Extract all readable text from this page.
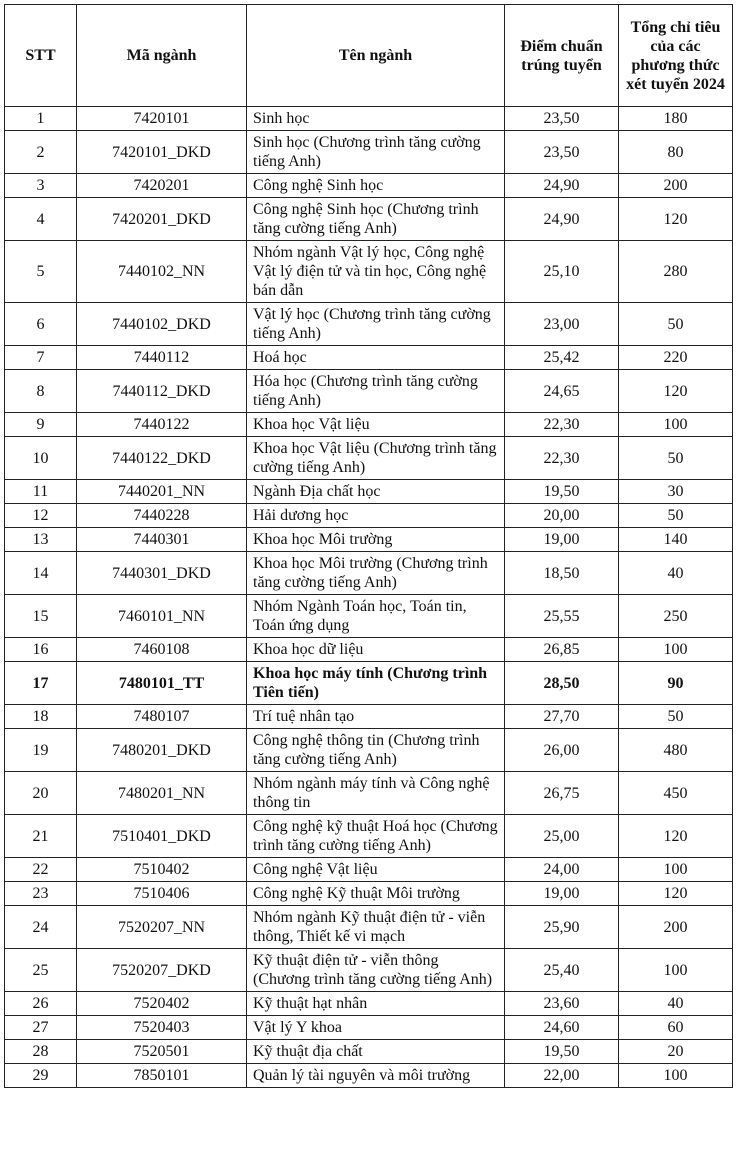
STT	Mã ngành	Tên ngành	Điểm chuẩn trúng tuyển	Tổng chỉ tiêu của các phương thức xét tuyển 2024
1	7420101	Sinh học	23,50	180
2	7420101_DKD	Sinh học (Chương trình tăng cường tiếng Anh)	23,50	80
3	7420201	Công nghệ Sinh học	24,90	200
4	7420201_DKD	Công nghệ Sinh học (Chương trình tăng cường tiếng Anh)	24,90	120
5	7440102_NN	Nhóm ngành Vật lý học, Công nghệ Vật lý điện tử và tin học, Công nghệ bán dẫn	25,10	280
6	7440102_DKD	Vật lý học (Chương trình tăng cường tiếng Anh)	23,00	50
7	7440112	Hoá học	25,42	220
8	7440112_DKD	Hóa học (Chương trình tăng cường tiếng Anh)	24,65	120
9	7440122	Khoa học Vật liệu	22,30	100
10	7440122_DKD	Khoa học Vật liệu (Chương trình tăng cường tiếng Anh)	22,30	50
11	7440201_NN	Ngành Địa chất học	19,50	30
12	7440228	Hải dương học	20,00	50
13	7440301	Khoa học Môi trường	19,00	140
14	7440301_DKD	Khoa học Môi trường (Chương trình tăng cường tiếng Anh)	18,50	40
15	7460101_NN	Nhóm Ngành Toán học, Toán tin, Toán ứng dụng	25,55	250
16	7460108	Khoa học dữ liệu	26,85	100
17	7480101_TT	Khoa học máy tính (Chương trình Tiên tiến)	28,50	90
18	7480107	Trí tuệ nhân tạo	27,70	50
19	7480201_DKD	Công nghệ thông tin (Chương trình tăng cường tiếng Anh)	26,00	480
20	7480201_NN	Nhóm ngành máy tính và Công nghệ thông tin	26,75	450
21	7510401_DKD	Công nghệ kỹ thuật Hoá học (Chương trình tăng cường tiếng Anh)	25,00	120
22	7510402	Công nghệ Vật liệu	24,00	100
23	7510406	Công nghệ Kỹ thuật Môi trường	19,00	120
24	7520207_NN	Nhóm ngành Kỹ thuật điện tử - viễn thông, Thiết kế vi mạch	25,90	200
25	7520207_DKD	Kỹ thuật điện tử - viễn thông (Chương trình tăng cường tiếng Anh)	25,40	100
26	7520402	Kỹ thuật hạt nhân	23,60	40
27	7520403	Vật lý Y khoa	24,60	60
28	7520501	Kỹ thuật địa chất	19,50	20
29	7850101	Quản lý tài nguyên và môi trường	22,00	100
